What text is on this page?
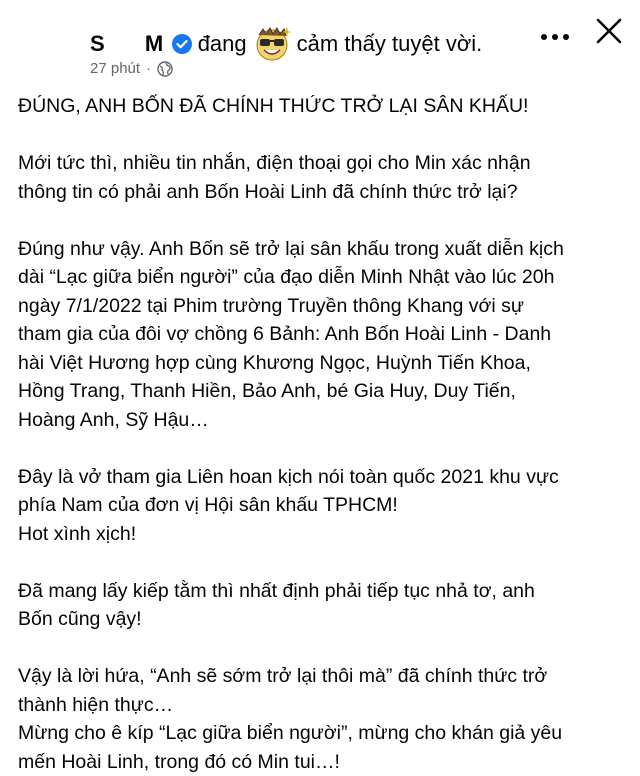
S      M đang cảm thấy tuyệt vời.
27 phút ·

ĐÚNG, ANH BỐN ĐÃ CHÍNH THỨC TRỞ LẠI SÂN KHẤU!

Mới tức thì, nhiều tin nhắn, điện thoại gọi cho Min xác nhận
thông tin có phải anh Bốn Hoài Linh đã chính thức trở lại?

Đúng như vậy. Anh Bốn sẽ trở lại sân khấu trong xuất diễn kịch
dài “Lạc giữa biển người” của đạo diễn Minh Nhật vào lúc 20h
ngày 7/1/2022 tại Phim trường Truyền thông Khang với sự
tham gia của đôi vợ chồng 6 Bảnh: Anh Bốn Hoài Linh - Danh
hài Việt Hương hợp cùng Khương Ngọc, Huỳnh Tiến Khoa,
Hồng Trang, Thanh Hiền, Bảo Anh, bé Gia Huy, Duy Tiến,
Hoàng Anh, Sỹ Hậu…

Đây là vở tham gia Liên hoan kịch nói toàn quốc 2021 khu vực
phía Nam của đơn vị Hội sân khấu TPHCM!
Hot xình xịch!

Đã mang lấy kiếp tằm thì nhất định phải tiếp tục nhả tơ, anh
Bốn cũng vậy!

Vậy là lời hứa, “Anh sẽ sớm trở lại thôi mà” đã chính thức trở
thành hiện thực…
Mừng cho ê kíp “Lạc giữa biển người”, mừng cho khán giả yêu
mến Hoài Linh, trong đó có Min tui…!
